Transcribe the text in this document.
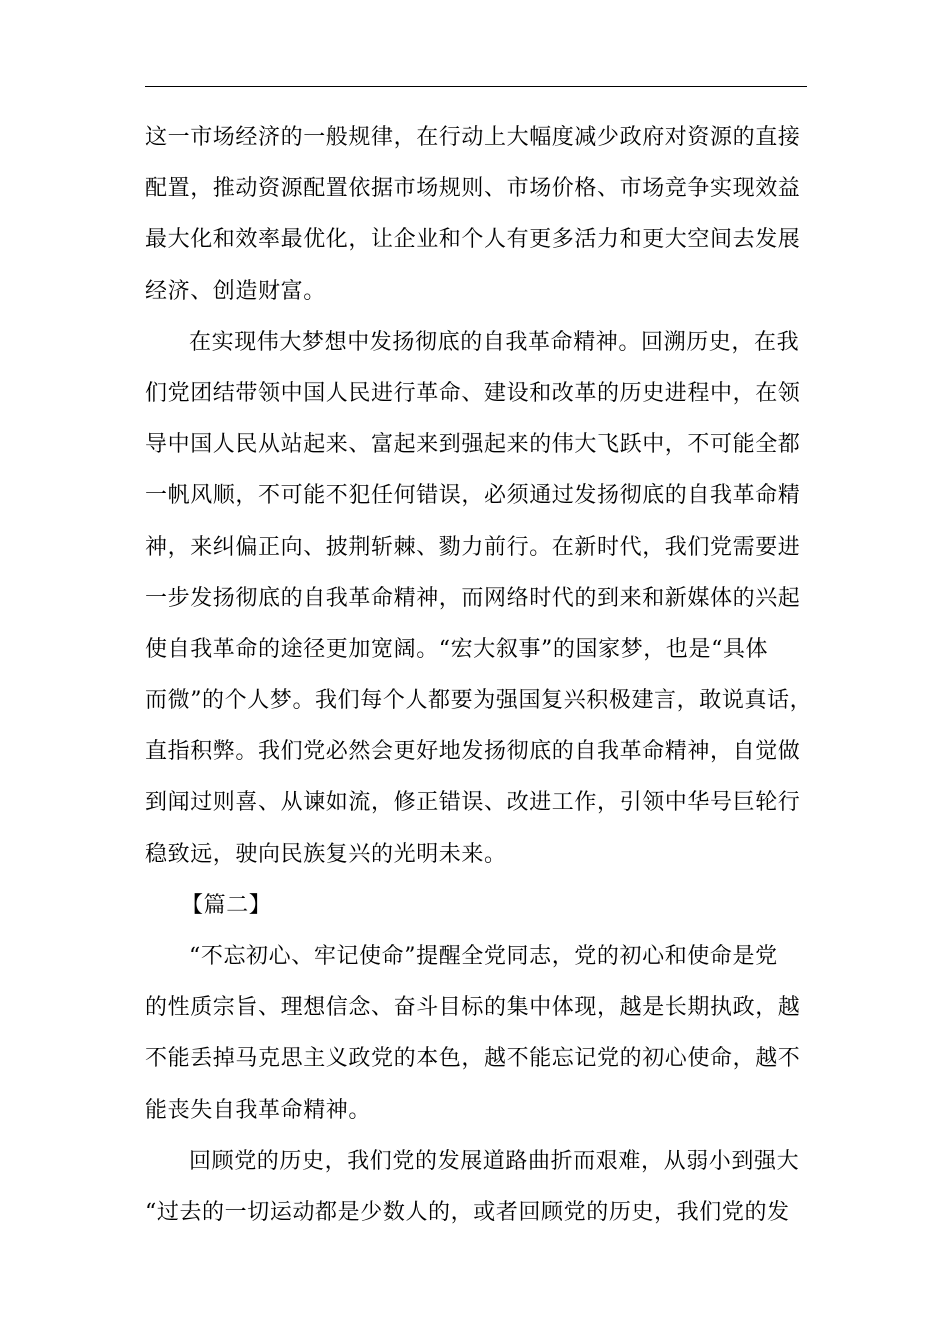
这一市场经济的一般规律，在行动上大幅度减少政府对资源的直接
配置，推动资源配置依据市场规则、市场价格、市场竞争实现效益
最大化和效率最优化，让企业和个人有更多活力和更大空间去发展
经济、创造财富。
在实现伟大梦想中发扬彻底的自我革命精神。回溯历史，在我
们党团结带领中国人民进行革命、建设和改革的历史进程中，在领
导中国人民从站起来、富起来到强起来的伟大飞跃中，不可能全都
一帆风顺，不可能不犯任何错误，必须通过发扬彻底的自我革命精
神，来纠偏正向、披荆斩棘、勠力前行。在新时代，我们党需要进
一步发扬彻底的自我革命精神，而网络时代的到来和新媒体的兴起
使自我革命的途径更加宽阔。“宏大叙事”的国家梦，也是“具体
而微”的个人梦。我们每个人都要为强国复兴积极建言，敢说真话，
直指积弊。我们党必然会更好地发扬彻底的自我革命精神，自觉做
到闻过则喜、从谏如流，修正错误、改进工作，引领中华号巨轮行
稳致远，驶向民族复兴的光明未来。
【篇二】
“不忘初心、牢记使命”提醒全党同志，党的初心和使命是党
的性质宗旨、理想信念、奋斗目标的集中体现，越是长期执政，越
不能丢掉马克思主义政党的本色，越不能忘记党的初心使命，越不
能丧失自我革命精神。
回顾党的历史，我们党的发展道路曲折而艰难，从弱小到强大
“过去的一切运动都是少数人的，或者回顾党的历史，我们党的发
